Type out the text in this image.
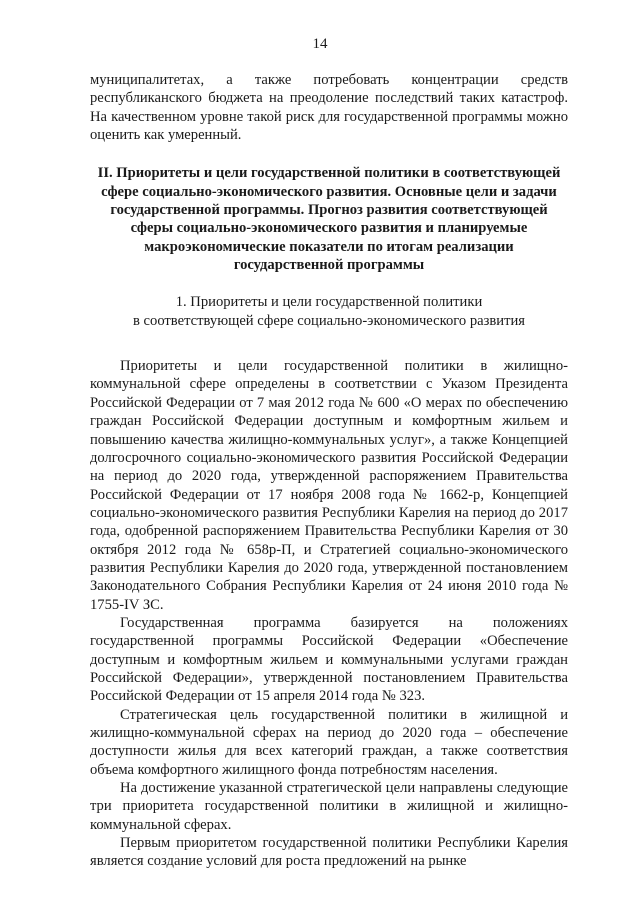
14

муниципалитетах, а также потребовать концентрации средств республиканского бюджета на преодоление последствий таких катастроф. На качественном уровне такой риск для государственной программы можно оценить как умеренный.

II. Приоритеты и цели государственной политики в соответствующей сфере социально-экономического развития. Основные цели и задачи государственной программы. Прогноз развития соответствующей сферы социально-экономического развития и планируемые макроэкономические показатели по итогам реализации государственной программы
1. Приоритеты и цели государственной политики
в соответствующей сфере социально-экономического развития

Приоритеты и цели государственной политики в жилищно-коммунальной сфере определены в соответствии с Указом Президента Российской Федерации от 7 мая 2012 года № 600 «О мерах по обеспечению граждан Российской Федерации доступным и комфортным жильем и повышению качества жилищно-коммунальных услуг», а также Концепцией долгосрочного социально-экономического развития Российской Федерации на период до 2020 года, утвержденной распоряжением Правительства Российской Федерации от 17 ноября 2008 года № 1662-р, Концепцией социально-экономического развития Республики Карелия на период до 2017 года, одобренной распоряжением Правительства Республики Карелия от 30 октября 2012 года № 658р-П, и Стратегией социально-экономического развития Республики Карелия до 2020 года, утвержденной постановлением Законодательного Собрания Республики Карелия от 24 июня 2010 года № 1755-IV ЗС.

Государственная программа базируется на положениях государственной программы Российской Федерации «Обеспечение доступным и комфортным жильем и коммунальными услугами граждан Российской Федерации», утвержденной постановлением Правительства Российской Федерации от 15 апреля 2014 года № 323.

Стратегическая цель государственной политики в жилищной и жилищно-коммунальной сферах на период до 2020 года – обеспечение доступности жилья для всех категорий граждан, а также соответствия объема комфортного жилищного фонда потребностям населения.

На достижение указанной стратегической цели направлены следующие три приоритета государственной политики в жилищной и жилищно-коммунальной сферах.

Первым приоритетом государственной политики Республики Карелия является создание условий для роста предложений на рынке
